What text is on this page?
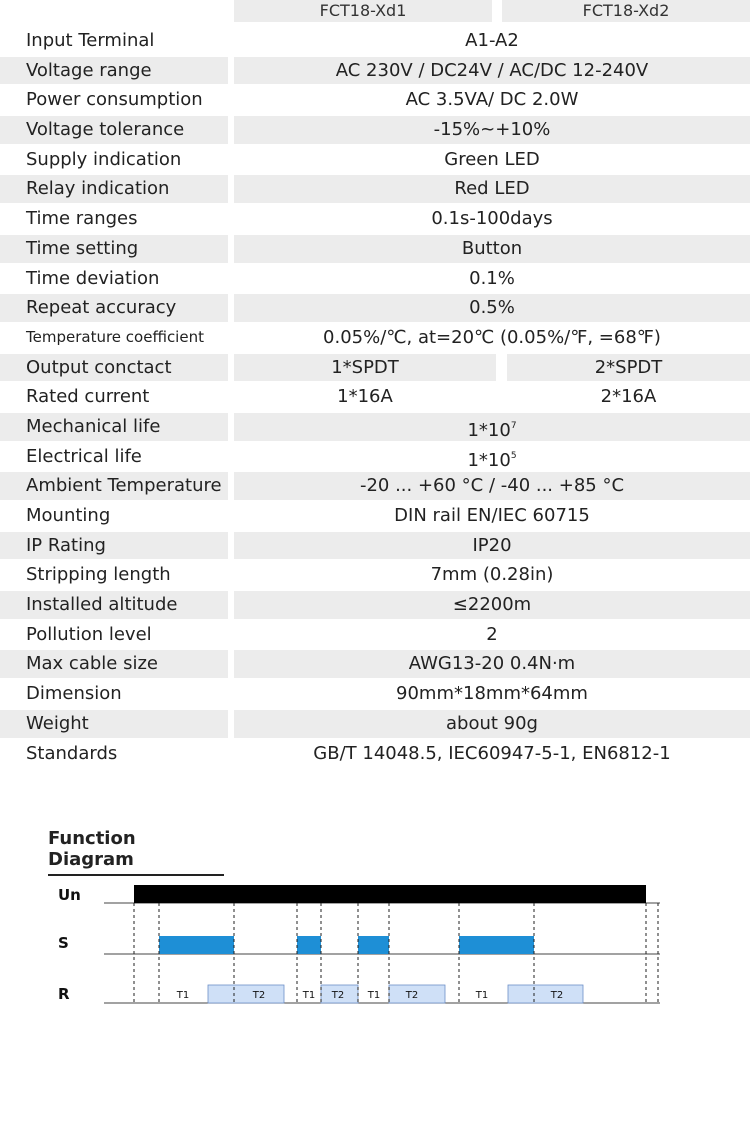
FCT18-Xd1	FCT18-Xd2
Input Terminal	A1-A2
Voltage range	AC 230V / DC24V / AC/DC 12-240V
Power consumption	AC 3.5VA/ DC 2.0W
Voltage tolerance	-15%~+10%
Supply indication	Green LED
Relay indication	Red LED
Time ranges	0.1s-100days
Time setting	Button
Time deviation	0.1%
Repeat accuracy	0.5%
Temperature coefficient	0.05%/℃, at=20℃ (0.05%/℉, =68℉)
Output conctact	1*SPDT	2*SPDT
Rated current	1*16A	2*16A
Mechanical life	$1*10^7$
Electrical life	$1*10^5$
Ambient Temperature	-20 ... +60 °C / -40 ... +85 °C
Mounting	DIN rail EN/IEC 60715
IP Rating	IP20
Stripping length	7mm (0.28in)
Installed altitude	≤2200m
Pollution level	2
Max cable size	AWG13-20 0.4N·m
Dimension	90mm*18mm*64mm
Weight	about 90g
Standards	GB/T 14048.5, IEC60947-5-1, EN6812-1
Function Diagram
Un
S
R	T1	T2	T1 T2 T1	T2	T1	T2
